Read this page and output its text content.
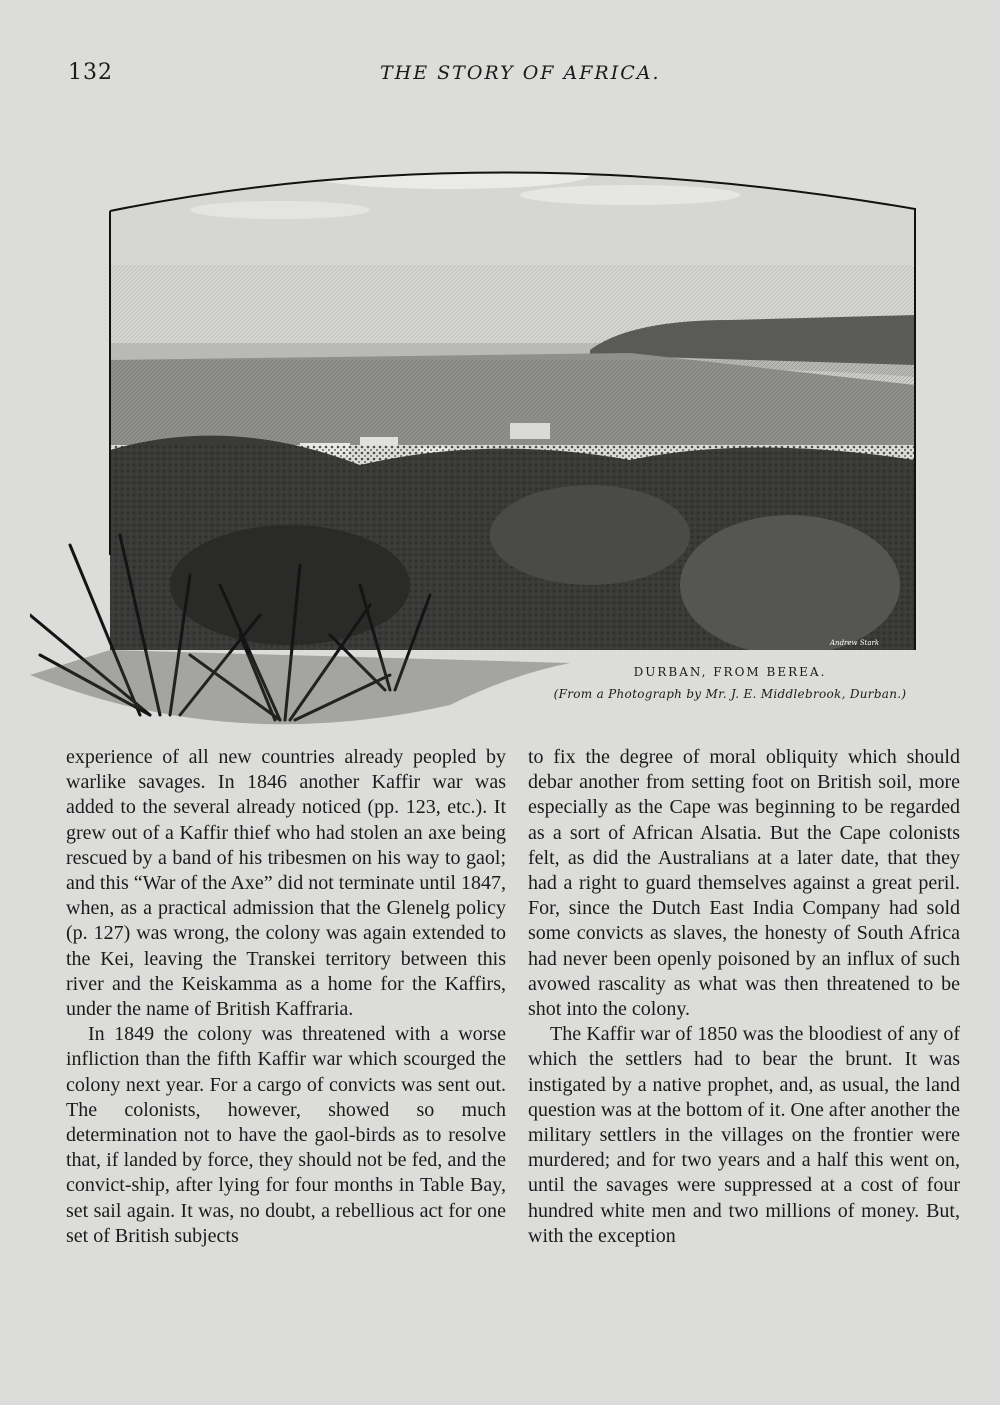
132	THE STORY OF AFRICA.
Andrew Stark
DURBAN, FROM BEREA.
(From a Photograph by Mr. J. E. Middlebrook, Durban.)

experience of all new countries already peopled by warlike savages. In 1846 another Kaffir war was added to the several already noticed (pp. 123, etc.). It grew out of a Kaffir thief who had stolen an axe being rescued by a band of his tribesmen on his way to gaol; and this “War of the Axe” did not terminate until 1847, when, as a practical admission that the Glenelg policy (p. 127) was wrong, the colony was again extended to the Kei, leaving the Transkei territory between this river and the Keiskamma as a home for the Kaffirs, under the name of British Kaffraria.

In 1849 the colony was threatened with a worse infliction than the fifth Kaffir war which scourged the colony next year. For a cargo of convicts was sent out. The colonists, however, showed so much determination not to have the gaol-birds as to resolve that, if landed by force, they should not be fed, and the convict-ship, after lying for four months in Table Bay, set sail again. It was, no doubt, a rebellious act for one set of British subjects

to fix the degree of moral obliquity which should debar another from setting foot on British soil, more especially as the Cape was beginning to be regarded as a sort of African Alsatia. But the Cape colonists felt, as did the Australians at a later date, that they had a right to guard themselves against a great peril. For, since the Dutch East India Company had sold some convicts as slaves, the honesty of South Africa had never been openly poisoned by an influx of such avowed rascality as what was then threatened to be shot into the colony.

The Kaffir war of 1850 was the bloodiest of any of which the settlers had to bear the brunt. It was instigated by a native prophet, and, as usual, the land question was at the bottom of it. One after another the military settlers in the villages on the frontier were murdered; and for two years and a half this went on, until the savages were suppressed at a cost of four hundred white men and two millions of money. But, with the exception
